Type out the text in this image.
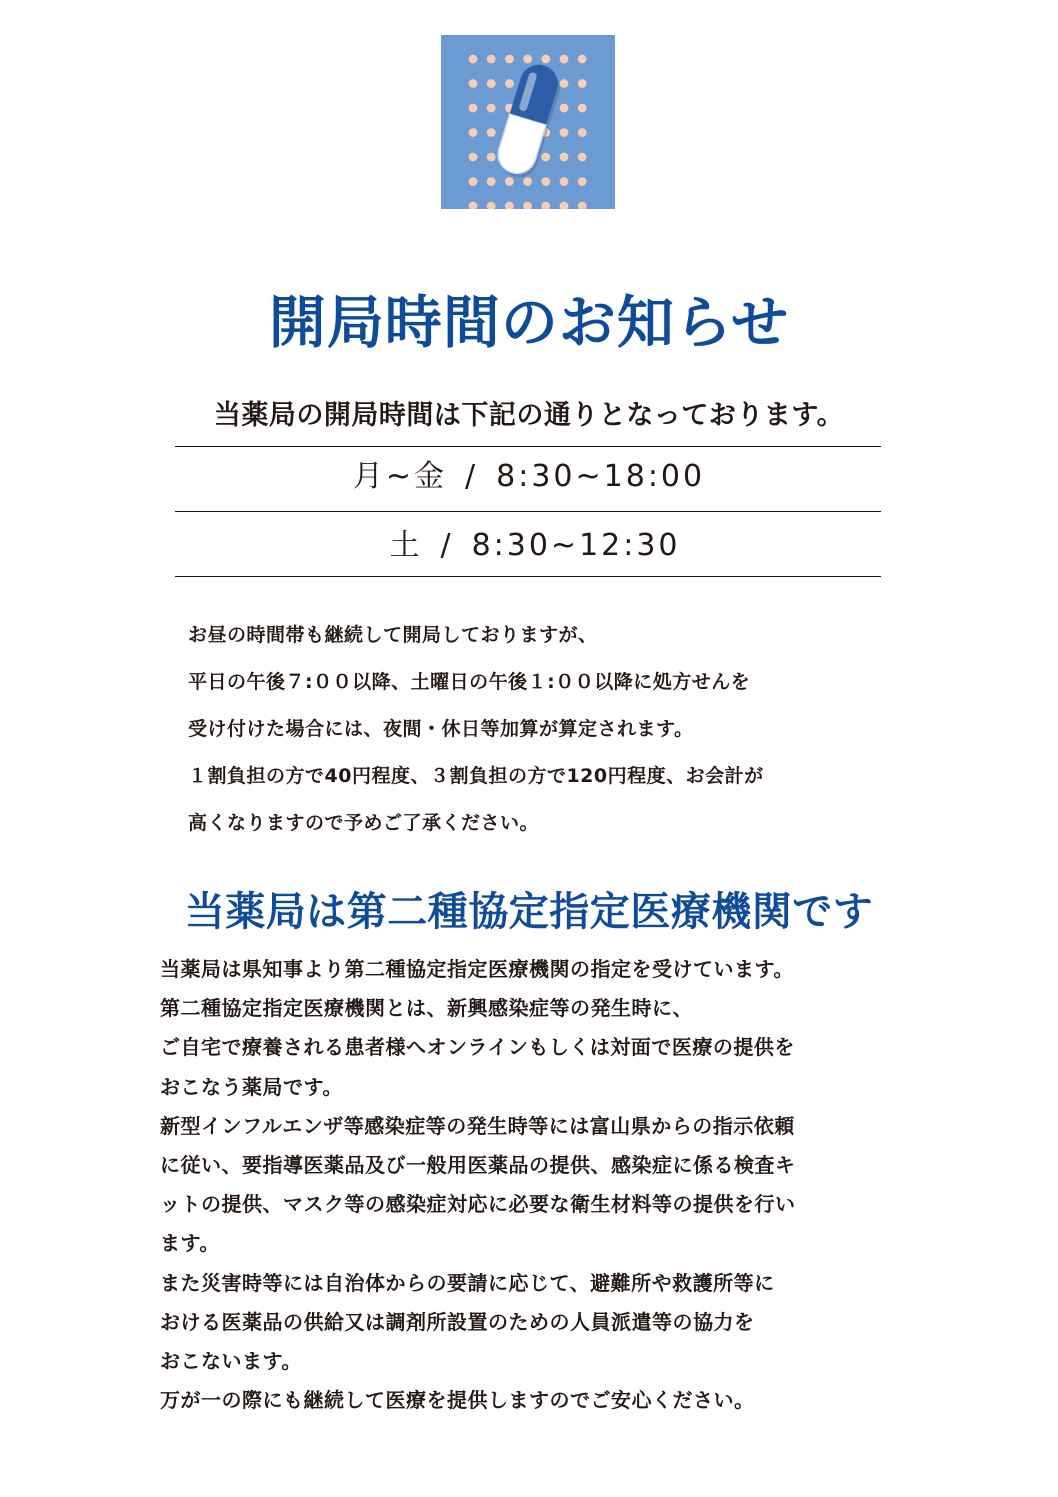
開局時間のお知らせ

当薬局の開局時間は下記の通りとなっております。

月~金 / 8:30~18:00
土 / 8:30~12:30
お昼の時間帯も継続して開局しておりますが、
平日の午後７:００以降、土曜日の午後１:００以降に処方せんを
受け付けた場合には、夜間・休日等加算が算定されます。
１割負担の方で40円程度、３割負担の方で120円程度、お会計が
高くなりますので予めご了承ください。
当薬局は第二種協定指定医療機関です
当薬局は県知事より第二種協定指定医療機関の指定を受けています。
第二種協定指定医療機関とは、新興感染症等の発生時に、
ご自宅で療養される患者様へオンラインもしくは対面で医療の提供を
おこなう薬局です。
新型インフルエンザ等感染症等の発生時等には富山県からの指示依頼
に従い、要指導医薬品及び一般用医薬品の提供、感染症に係る検査キ
ットの提供、マスク等の感染症対応に必要な衛生材料等の提供を行い
ます。
また災害時等には自治体からの要請に応じて、避難所や救護所等に
おける医薬品の供給又は調剤所設置のための人員派遣等の協力を
おこないます。
万が一の際にも継続して医療を提供しますのでご安心ください。
